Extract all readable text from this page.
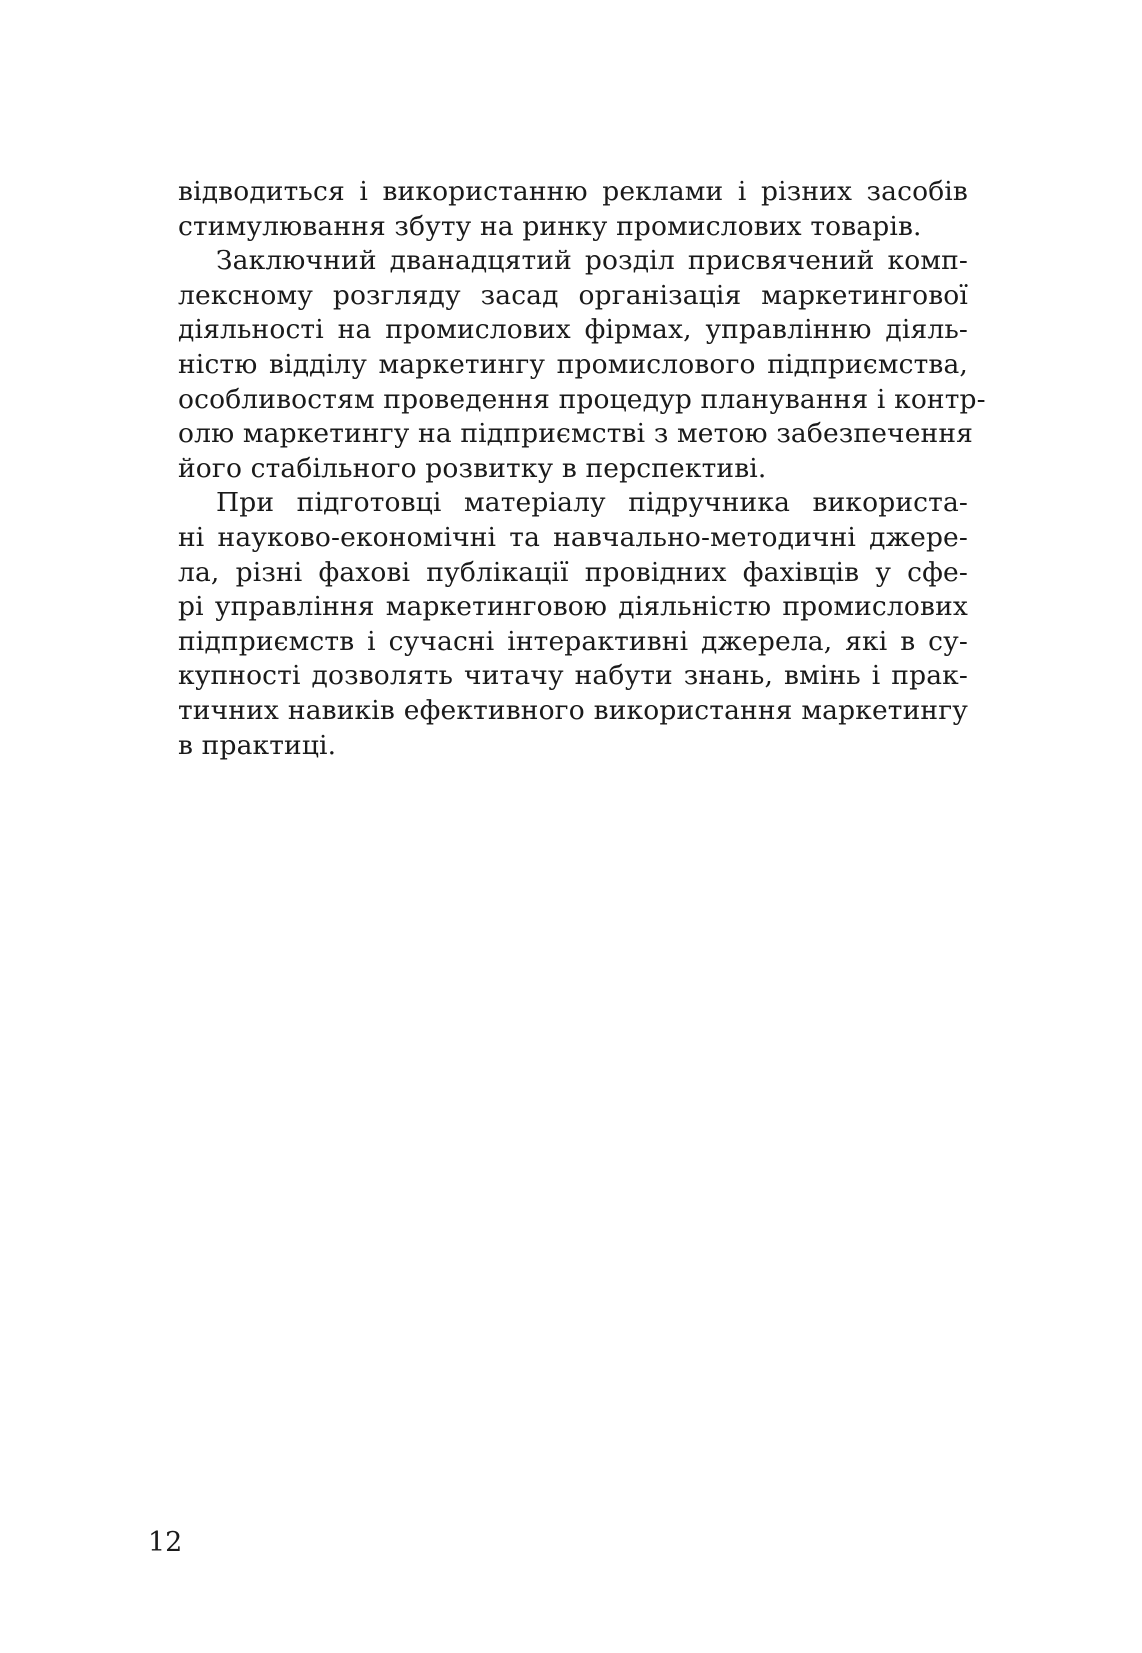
відводиться і використанню реклами і різних засобів
стимулювання збуту на ринку промислових товарів.

Заключний дванадцятий розділ присвячений комп-
лексному розгляду засад організація маркетингової
діяльності на промислових фірмах, управлінню діяль-
ністю відділу маркетингу промислового підприємства,
особливостям проведення процедур планування і контр-
олю маркетингу на підприємстві з метою забезпечення
його стабільного розвитку в перспективі.

При підготовці матеріалу підручника використа-
ні науково-економічні та навчально-методичні джере-
ла, різні фахові публікації провідних фахівців у сфе-
рі управління маркетинговою діяльністю промислових
підприємств і сучасні інтерактивні джерела, які в су-
купності дозволять читачу набути знань, вмінь і прак-
тичних навиків ефективного використання маркетингу
в практиці.

12
